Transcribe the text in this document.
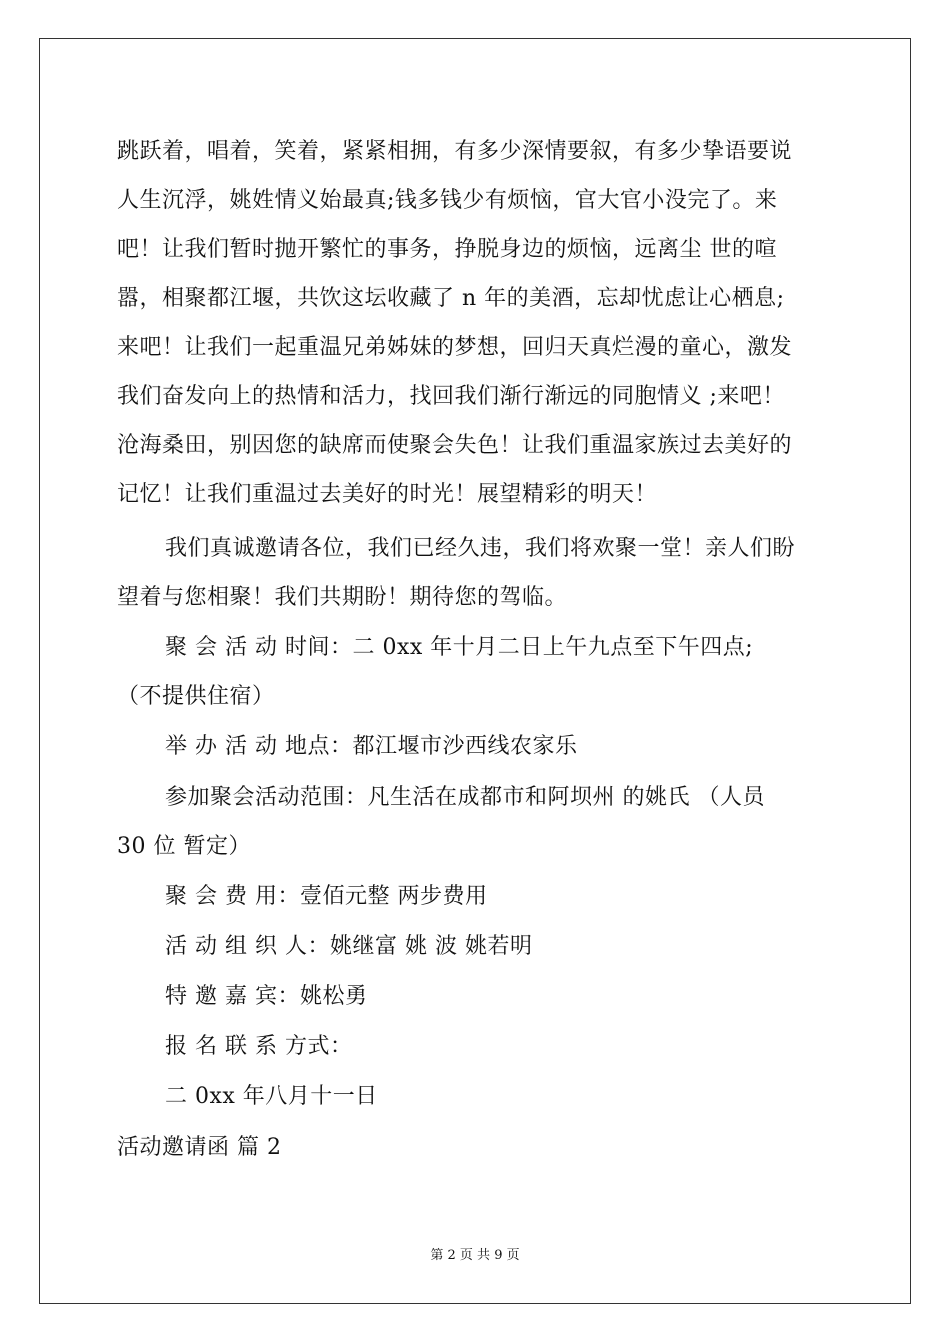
跳跃着，唱着，笑着，紧紧相拥，有多少深情要叙，有多少挚语要说
人生沉浮，姚姓情义始最真;钱多钱少有烦恼，官大官小没完了。来
吧！让我们暂时抛开繁忙的事务，挣脱身边的烦恼，远离尘 世的喧
嚣，相聚都江堰，共饮这坛收藏了 n 年的美酒，忘却忧虑让心栖息;
来吧！让我们一起重温兄弟姊妹的梦想，回归天真烂漫的童心，激发
我们奋发向上的热情和活力，找回我们渐行渐远的同胞情义 ;来吧！
沧海桑田，别因您的缺席而使聚会失色！让我们重温家族过去美好的
记忆！让我们重温过去美好的时光！展望精彩的明天！
我们真诚邀请各位，我们已经久违，我们将欢聚一堂！亲人们盼
望着与您相聚！我们共期盼！期待您的驾临。
聚 会 活 动 时间：二 0xx 年十月二日上午九点至下午四点;
（不提供住宿）
举 办 活 动 地点：都江堰市沙西线农家乐
参加聚会活动范围：凡生活在成都市和阿坝州 的姚氏 （人员
30 位 暂定）
聚 会 费 用：壹佰元整 两步费用
活 动 组 织 人：姚继富 姚 波 姚若明
特 邀 嘉 宾：姚松勇
报 名 联 系 方式：
二 0xx 年八月十一日
活动邀请函 篇 2
第 2 页 共 9 页
